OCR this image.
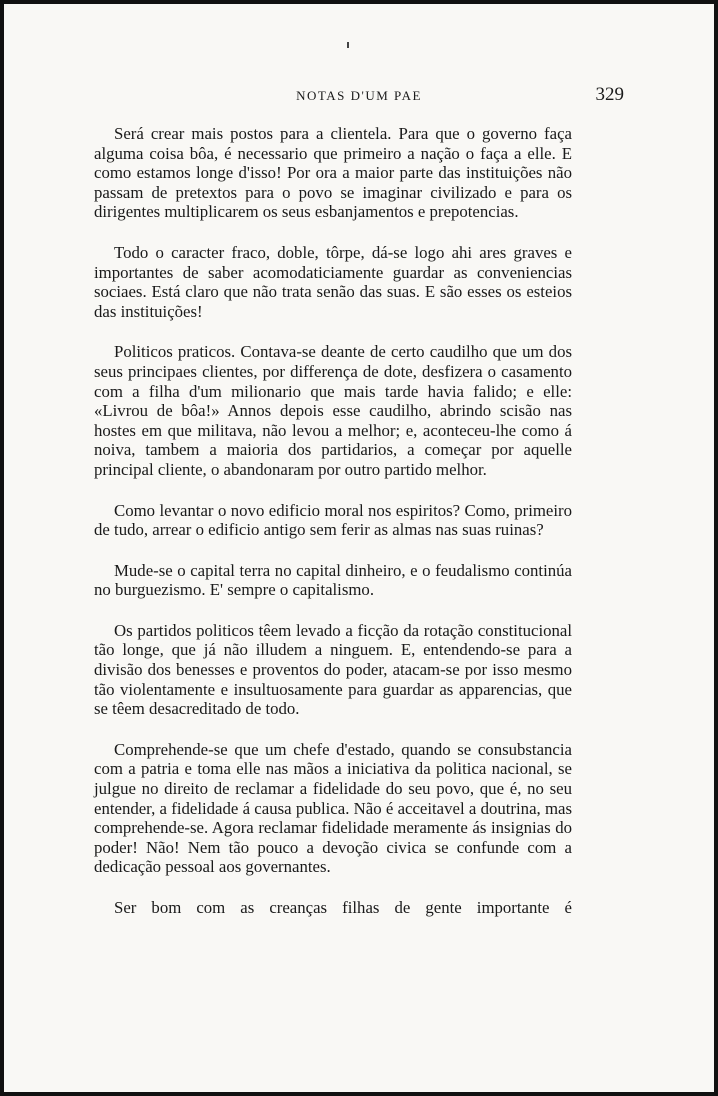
NOTAS D'UM PAE	329

Será crear mais postos para a clientela. Para que o governo faça alguma coisa bôa, é necessario que primeiro a nação o faça a elle. E como estamos longe d'isso! Por ora a maior parte das instituições não passam de pretextos para o povo se imaginar civilizado e para os dirigentes multiplicarem os seus esbanjamentos e prepotencias.

Todo o caracter fraco, doble, tôrpe, dá-se logo ahi ares graves e importantes de saber acomodaticiamente guardar as conveniencias sociaes. Está claro que não trata senão das suas. E são esses os esteios das instituições!

Politicos praticos. Contava-se deante de certo caudilho que um dos seus principaes clientes, por differença de dote, desfizera o casamento com a filha d'um milionario que mais tarde havia falido; e elle: «Livrou de bôa!» Annos depois esse caudilho, abrindo scisão nas hostes em que militava, não levou a melhor; e, aconteceu-lhe como á noiva, tambem a maioria dos partidarios, a começar por aquelle principal cliente, o abandonaram por outro partido melhor.

Como levantar o novo edificio moral nos espiritos? Como, primeiro de tudo, arrear o edificio antigo sem ferir as almas nas suas ruinas?

Mude-se o capital terra no capital dinheiro, e o feudalismo continúa no burguezismo. E' sempre o capitalismo.

Os partidos politicos têem levado a ficção da rotação constitucional tão longe, que já não illudem a ninguem. E, entendendo-se para a divisão dos benesses e proventos do poder, atacam-se por isso mesmo tão violentamente e insultuosamente para guardar as apparencias, que se têem desacreditado de todo.

Comprehende-se que um chefe d'estado, quando se consubstancia com a patria e toma elle nas mãos a iniciativa da politica nacional, se julgue no direito de reclamar a fidelidade do seu povo, que é, no seu entender, a fidelidade á causa publica. Não é acceitavel a doutrina, mas comprehende-se. Agora reclamar fidelidade meramente ás insignias do poder! Não! Nem tão pouco a devoção civica se confunde com a dedicação pessoal aos governantes.

Ser bom com as creanças filhas de gente importante é
